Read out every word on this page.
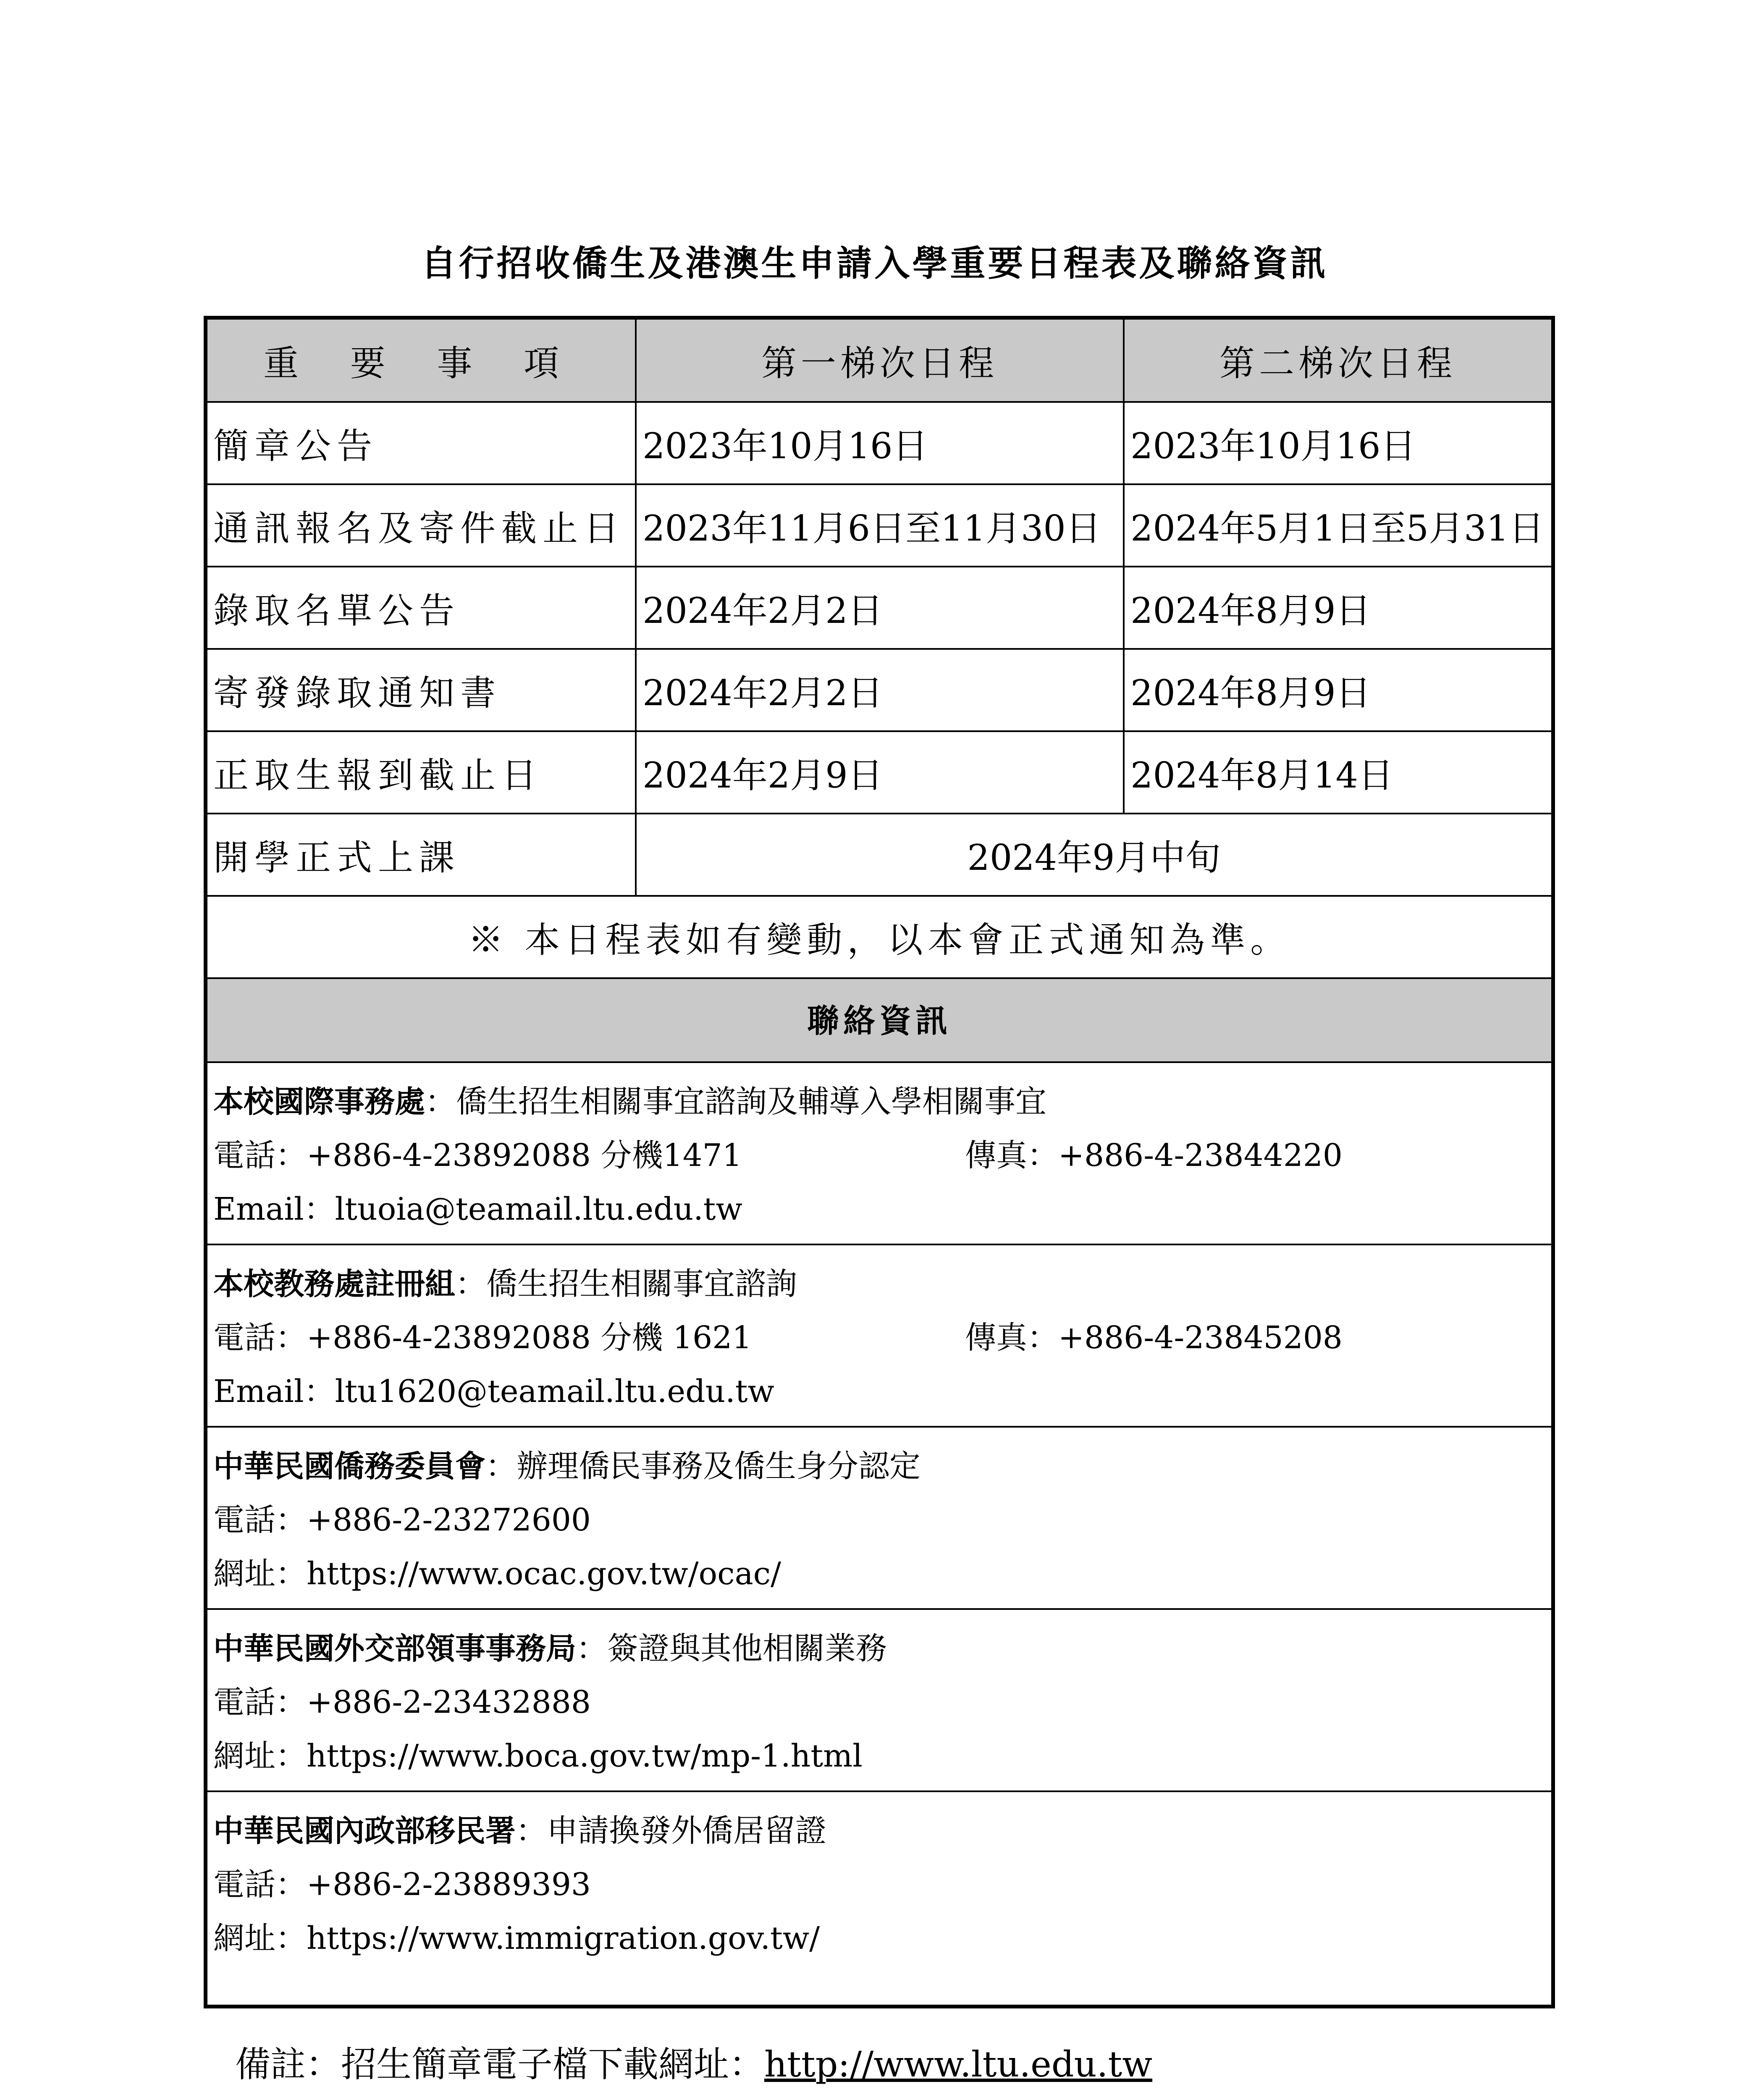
自行招收僑生及港澳生申請入學重要日程表及聯絡資訊
重 要 事 項	第一梯次日程	第二梯次日程
簡章公告	2023年10月16日	2023年10月16日
通訊報名及寄件截止日	2023年11月6日至11月30日	2024年5月1日至5月31日
錄取名單公告	2024年2月2日	2024年8月9日
寄發錄取通知書	2024年2月2日	2024年8月9日
正取生報到截止日	2024年2月9日	2024年8月14日
開學正式上課	2024年9月中旬	
※ 本日程表如有變動，以本會正式通知為準。		
聯絡資訊
本校國際事務處：僑生招生相關事宜諮詢及輔導入學相關事宜
電話：+886-4-23892088 分機1471	傳真：+886-4-23844220
Email：ltuoia@teamail.ltu.edu.tw
本校教務處註冊組：僑生招生相關事宜諮詢
電話：+886-4-23892088 分機 1621	傳真：+886-4-23845208
Email：ltu1620@teamail.ltu.edu.tw
中華民國僑務委員會：辦理僑民事務及僑生身分認定
電話：+886-2-23272600
網址：https://www.ocac.gov.tw/ocac/
中華民國外交部領事事務局：簽證與其他相關業務
電話：+886-2-23432888
網址：https://www.boca.gov.tw/mp-1.html
中華民國內政部移民署：申請換發外僑居留證
電話：+886-2-23889393
網址：https://www.immigration.gov.tw/
備註：招生簡章電子檔下載網址：http://www.ltu.edu.tw
